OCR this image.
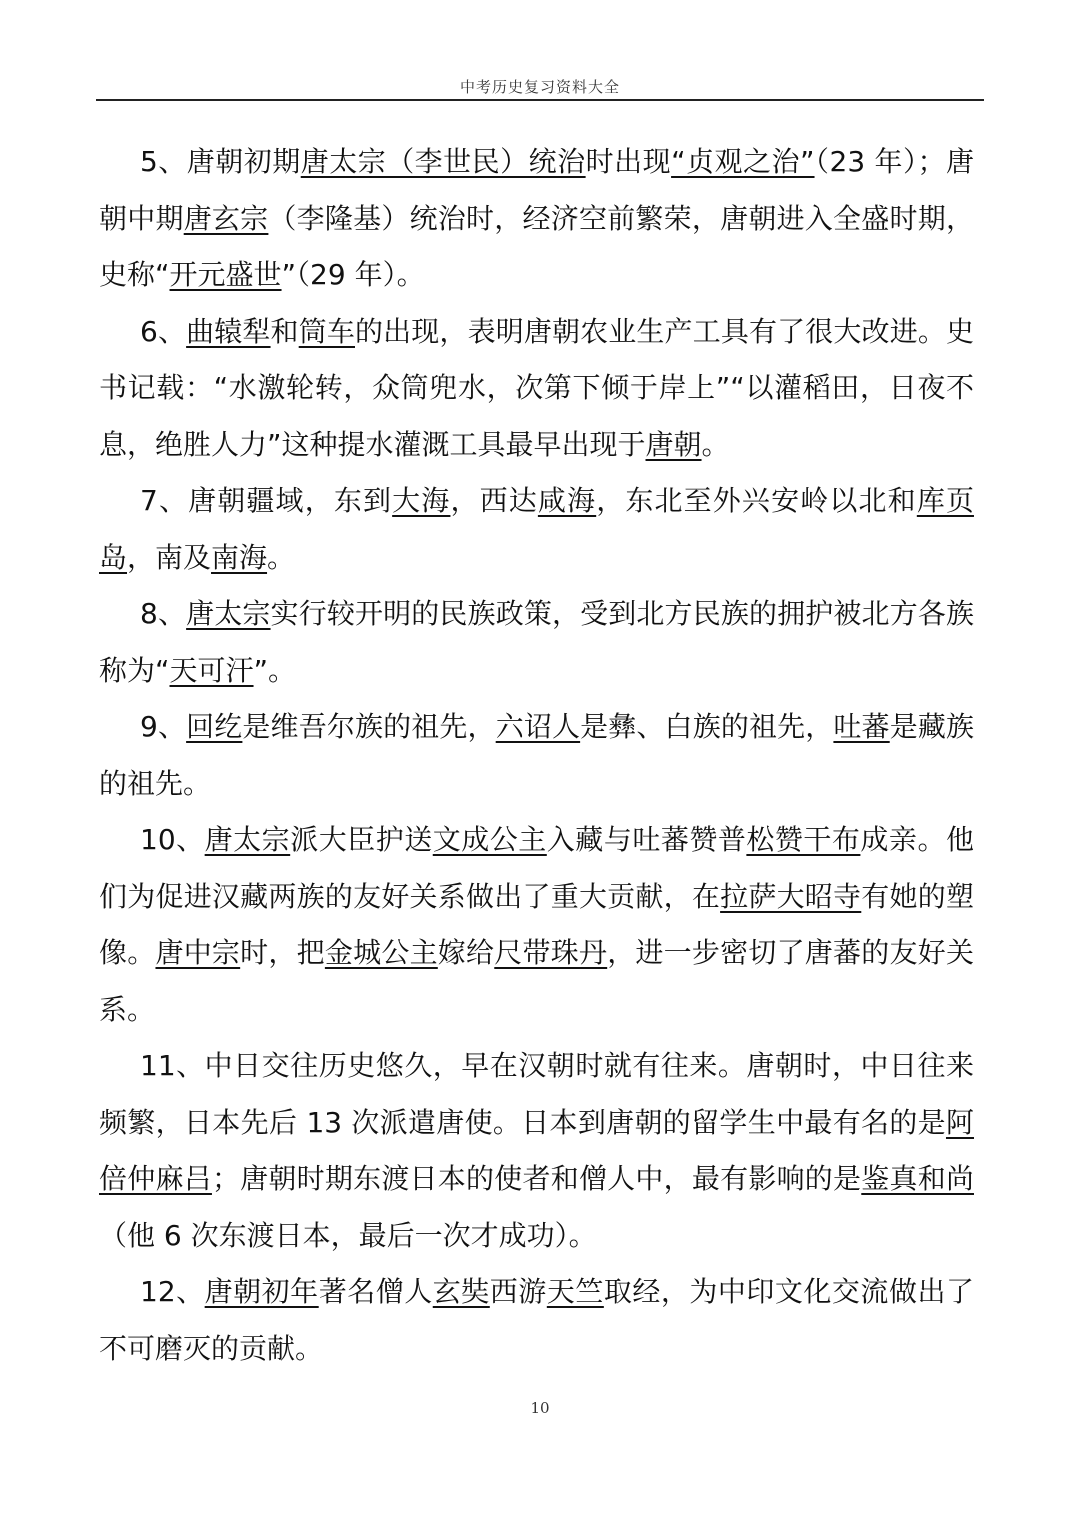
中考历史复习资料大全

5、唐朝初期唐太宗（李世民）统治时出现“贞观之治”（23 年）；唐朝中期唐玄宗（李隆基）统治时，经济空前繁荣，唐朝进入全盛时期，史称“开元盛世”（29 年）。

6、曲辕犁和筒车的出现，表明唐朝农业生产工具有了很大改进。史书记载：“水激轮转，众筒兜水，次第下倾于岸上”“以灌稻田，日夜不息，绝胜人力”这种提水灌溉工具最早出现于唐朝。

7、唐朝疆域，东到大海，西达咸海，东北至外兴安岭以北和库页岛，南及南海。

8、唐太宗实行较开明的民族政策，受到北方民族的拥护被北方各族称为“天可汗”。

9、回纥是维吾尔族的祖先，六诏人是彝、白族的祖先，吐蕃是藏族的祖先。

10、唐太宗派大臣护送文成公主入藏与吐蕃赞普松赞干布成亲。他们为促进汉藏两族的友好关系做出了重大贡献，在拉萨大昭寺有她的塑像。唐中宗时，把金城公主嫁给尺带珠丹，进一步密切了唐蕃的友好关系。

11、中日交往历史悠久，早在汉朝时就有往来。唐朝时，中日往来频繁，日本先后 13 次派遣唐使。日本到唐朝的留学生中最有名的是阿倍仲麻吕；唐朝时期东渡日本的使者和僧人中，最有影响的是鉴真和尚（他 6 次东渡日本，最后一次才成功）。

12、唐朝初年著名僧人玄奘西游天竺取经，为中印文化交流做出了不可磨灭的贡献。

10
